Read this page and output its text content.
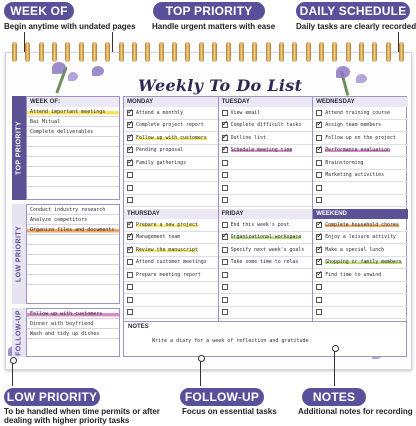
WEEK OF
Begin anytime with undated pages
TOP PRIORITY
Handle urgent matters with ease
DAILY SCHEDULE
Daily tasks are clearly recorded
Weekly To Do List
TOP PRIORITY
WEEK OF:
Attend important meetings
Bai Mitual
Complete deliverables
LOW PRIORITY
Conduct industry research
Analyze competitors
Organize files and documents
FOLLOW-UP	Follow up with customers
Dinner with boyfriend
Wash and tidy up dishes
MONDAY
✓
Attend a monthly
✓
Complete project report
✓
Follow up with customers
✓
Pending proposal
✓
Family gatherings
TUESDAY
View email
✓
Complete difficult tasks
✓
Outline list
✓
Schedule meeting time
WEDNESDAY
Attend training course
✓
Assign team members
Follow up on the project
✓
Performance evaluation
Brainstorming
Marketing activities
THURSDAY
✓
Prepare a new project
✓
Management team
✓
Review the manuscript
Attend customer meetings
Prepare meeting report
FRIDAY
End this week's post
✓
Organizational workspace
Specify next week's goals
Take some time to relax
WEEKEND
✓
Complete household chores
✓
Enjoy a leisure activity
✓
Make a special lunch
✓
Shopping or family members
✓
Find time to unwind
NOTES
Write a diary for a week of reflection and gratitude
LOW PRIORITY
To be handled when time permits or after dealing with higher priority tasks
FOLLOW-UP
Focus on essential tasks
NOTES
Additional notes for recording
